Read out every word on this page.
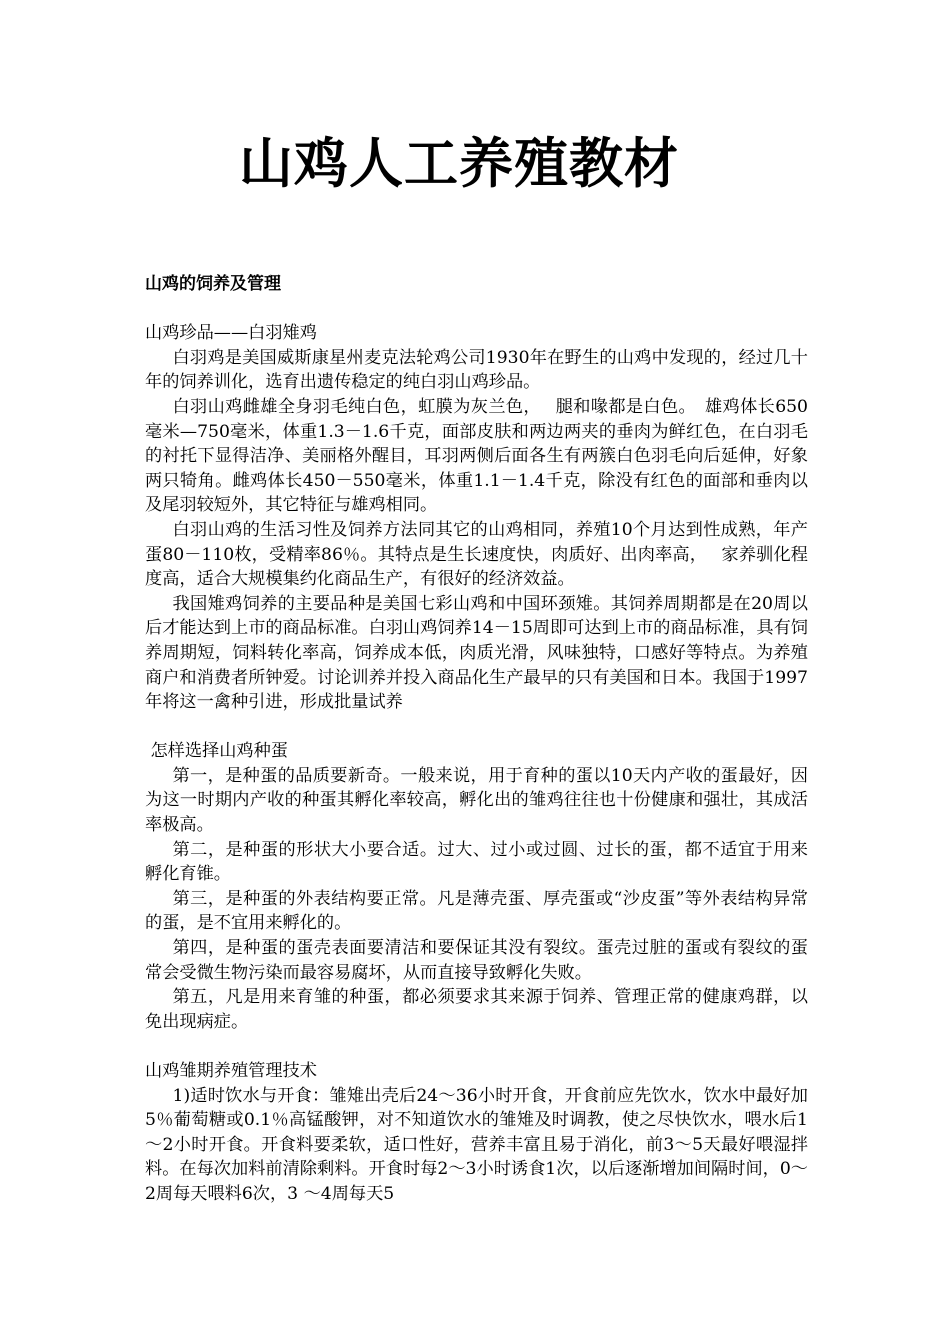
山鸡人工养殖教材

山鸡的饲养及管理

山鸡珍品——白羽雉鸡

白羽鸡是美国威斯康星州麦克法轮鸡公司1930年在野生的山鸡中发现的，经过几十年的饲养训化，选育出遗传稳定的纯白羽山鸡珍品。

白羽山鸡雌雄全身羽毛纯白色，虹膜为灰兰色，　 腿和喙都是白色。　雄鸡体长650毫米—750毫米，体重1.3－1.6千克，面部皮肤和两边两夹的垂肉为鲜红色，在白羽毛的衬托下显得洁净、美丽格外醒目，耳羽两侧后面各生有两簇白色羽毛向后延伸，好象两只犄角。雌鸡体长450－550毫米，体重1.1－1.4千克，除没有红色的面部和垂肉以及尾羽较短外，其它特征与雄鸡相同。

白羽山鸡的生活习性及饲养方法同其它的山鸡相同，养殖10个月达到性成熟，年产蛋80－110枚，受精率86％。其特点是生长速度快，肉质好、出肉率高，　 家养驯化程度高，适合大规模集约化商品生产，有很好的经济效益。

我国雉鸡饲养的主要品种是美国七彩山鸡和中国环颈雉。其饲养周期都是在20周以后才能达到上市的商品标准。白羽山鸡饲养14－15周即可达到上市的商品标准，具有饲养周期短，饲料转化率高，饲养成本低，肉质光滑，风味独特，口感好等特点。为养殖商户和消费者所钟爱。讨论训养并投入商品化生产最早的只有美国和日本。我国于1997年将这一禽种引进，形成批量试养

怎样选择山鸡种蛋

第一，是种蛋的品质要新奇。一般来说，用于育种的蛋以10天内产收的蛋最好，因为这一时期内产收的种蛋其孵化率较高，孵化出的雏鸡往往也十份健康和强壮，其成活率极高。

第二，是种蛋的形状大小要合适。过大、过小或过圆、过长的蛋，都不适宜于用来孵化育锥。

第三，是种蛋的外表结构要正常。凡是薄壳蛋、厚壳蛋或“沙皮蛋”等外表结构异常的蛋，是不宜用来孵化的。

第四，是种蛋的蛋壳表面要清洁和要保证其没有裂纹。蛋壳过脏的蛋或有裂纹的蛋常会受微生物污染而最容易腐坏，从而直接导致孵化失败。

第五，凡是用来育雏的种蛋，都必须要求其来源于饲养、管理正常的健康鸡群，以免出现病症。

山鸡雏期养殖管理技术

1)适时饮水与开食：雏雉出壳后24～36小时开食，开食前应先饮水，饮水中最好加5％葡萄糖或0.1％高锰酸钾，对不知道饮水的雏雉及时调教，使之尽快饮水，喂水后1～2小时开食。开食料要柔软，适口性好，营养丰富且易于消化，前3～5天最好喂湿拌料。在每次加料前清除剩料。开食时每2～3小时诱食1次，以后逐渐增加间隔时间，0～2周每天喂料6次，3 ～4周每天5
